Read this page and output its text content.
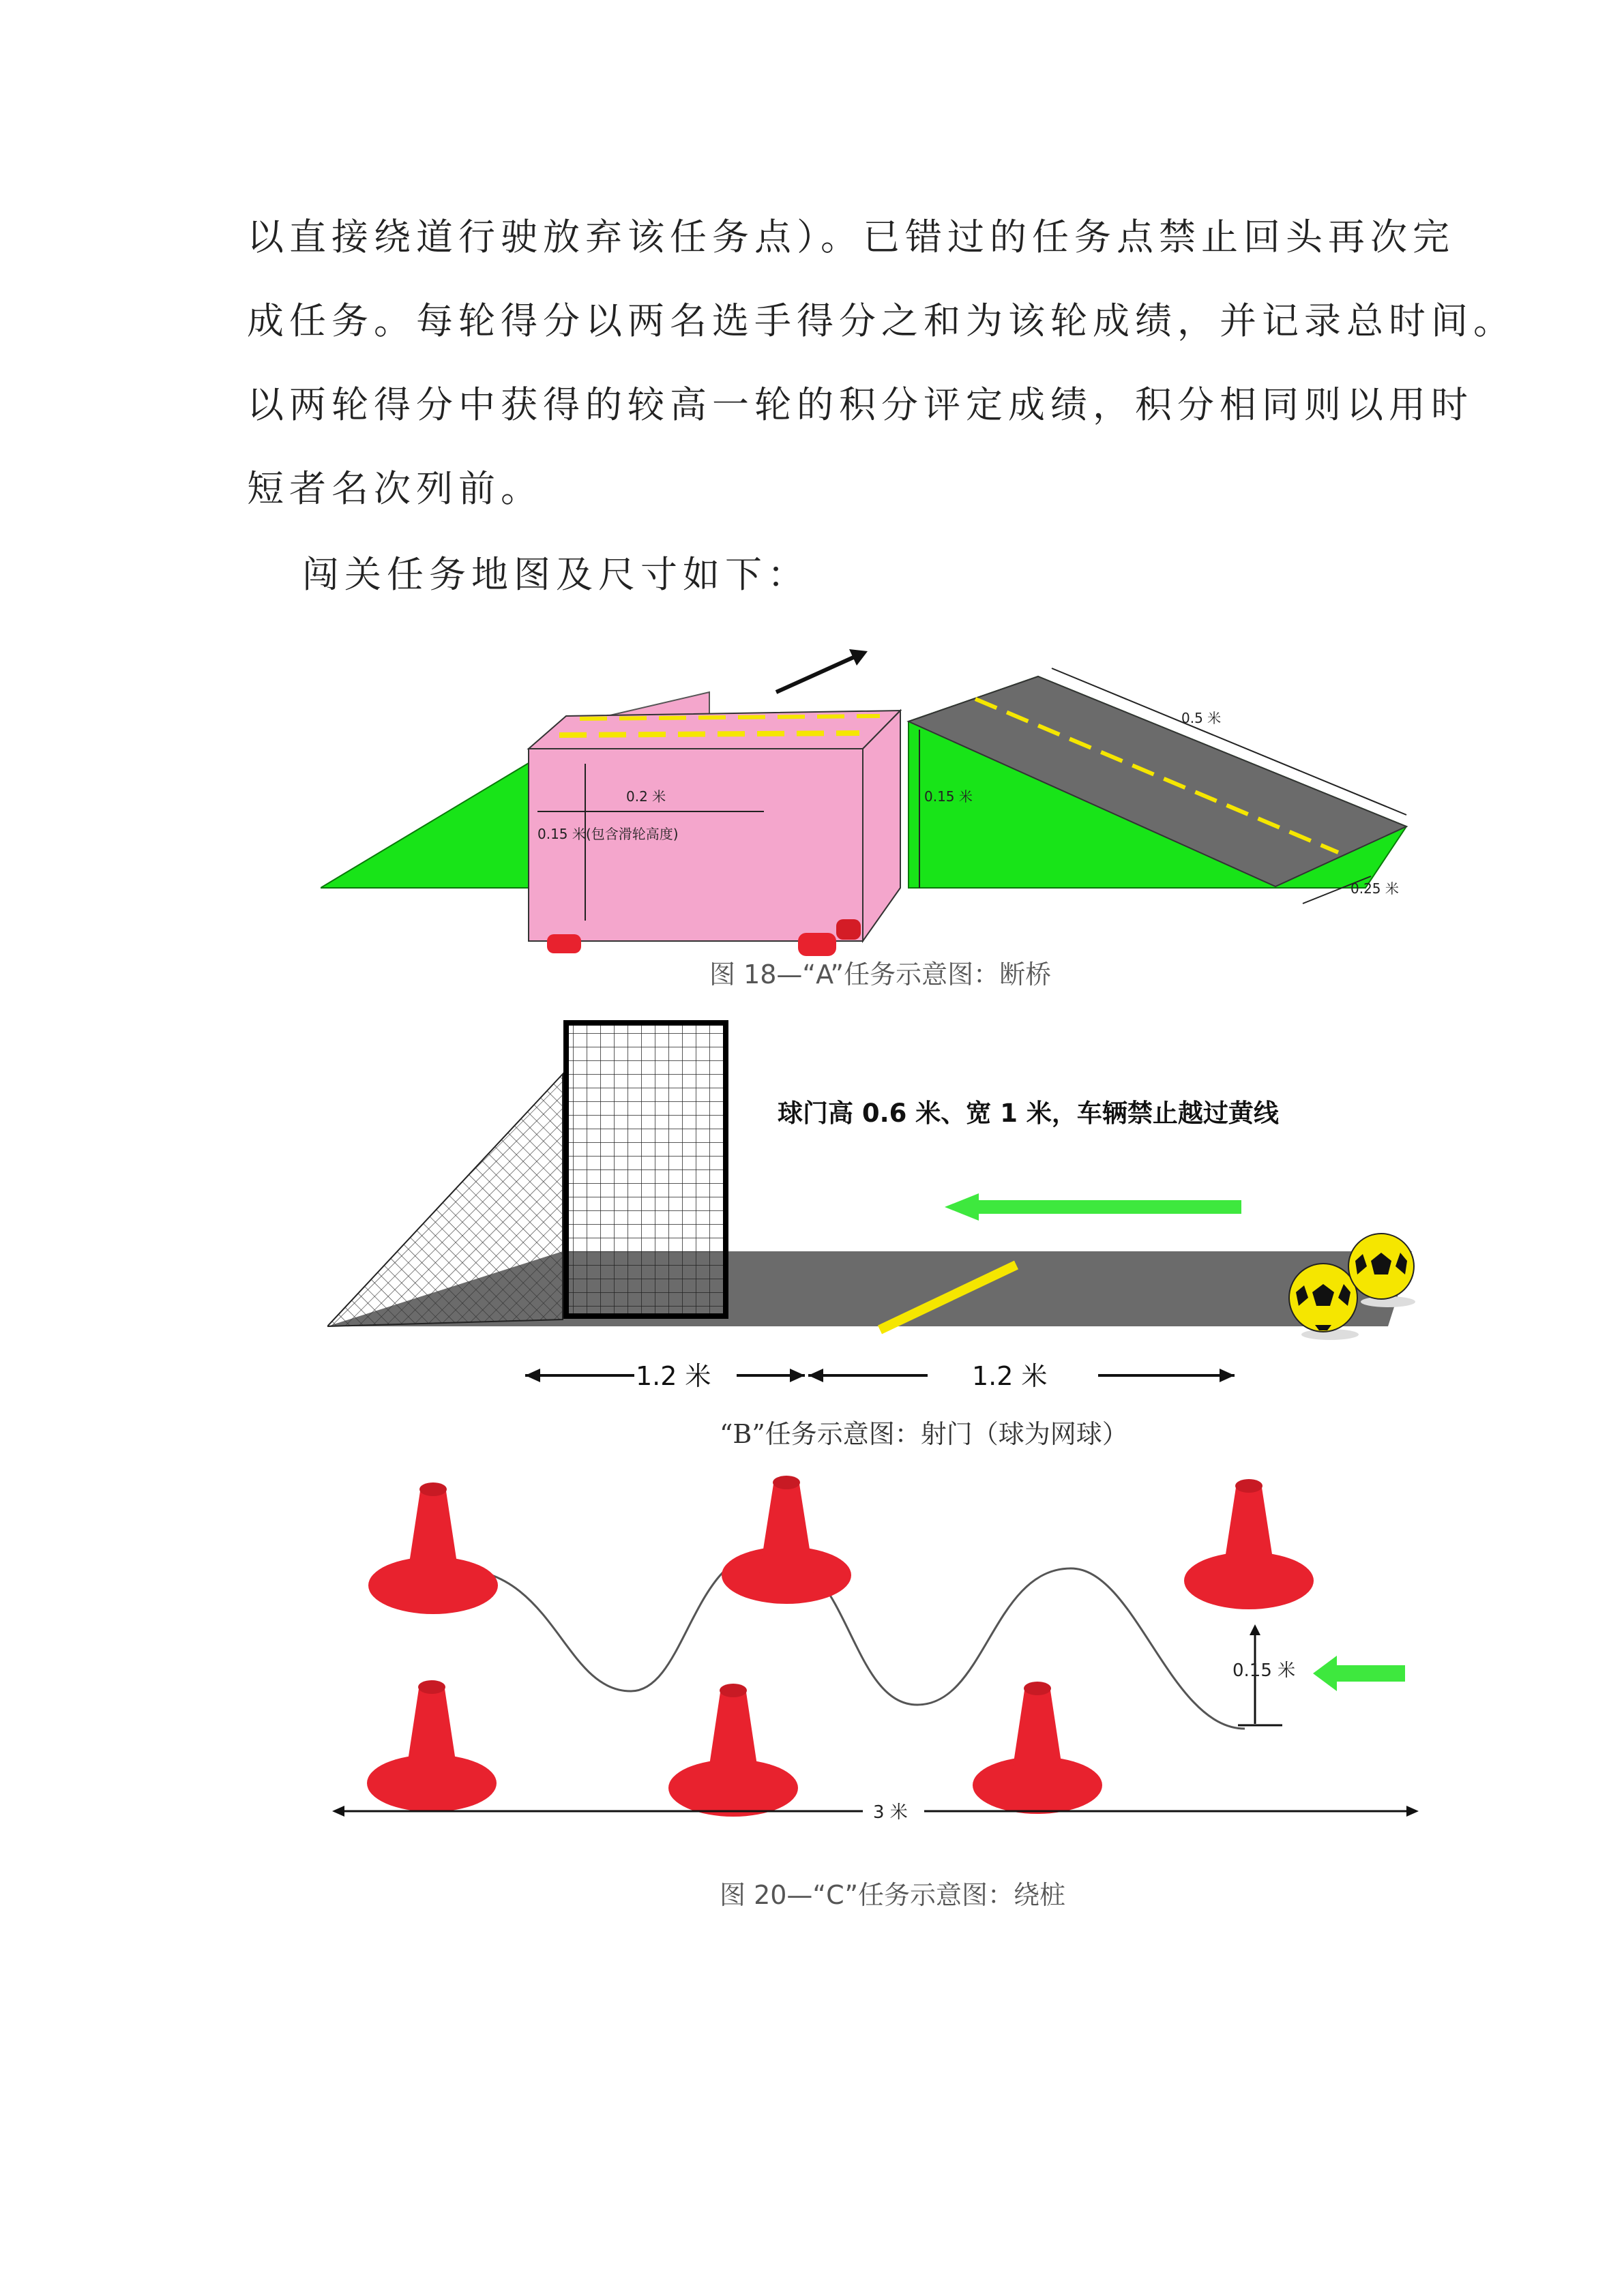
以直接绕道行驶放弃该任务点）。已错过的任务点禁止回头再次完
成任务。每轮得分以两名选手得分之和为该轮成绩，并记录总时间。
以两轮得分中获得的较高一轮的积分评定成绩，积分相同则以用时
短者名次列前。
闯关任务地图及尺寸如下：
0.2 米
0.15 米(包含滑轮高度)
0.15 米
0.5 米
0.25 米
图 18—“A”任务示意图：断桥
球门高 0.6 米、宽 1 米，车辆禁止越过黄线
1.2 米	1.2 米
“B”任务示意图：射门（球为网球）
0.15 米
3 米
图 20—“C”任务示意图：绕桩
